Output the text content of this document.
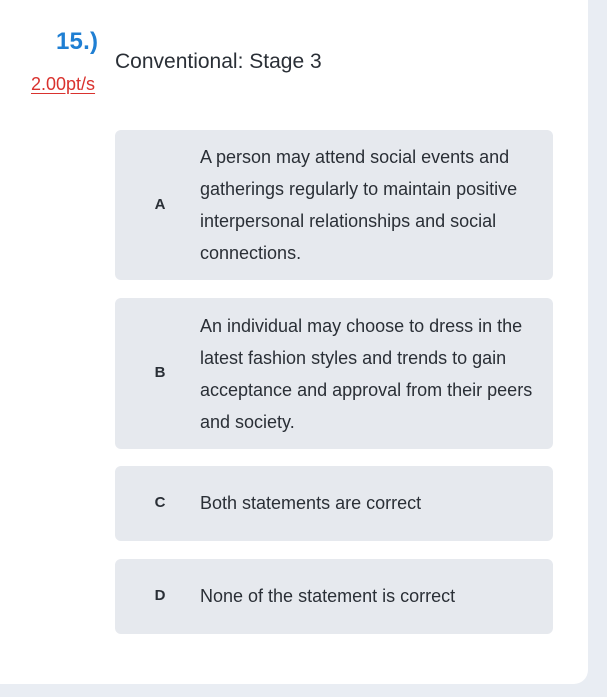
15.)
2.00pt/s
Conventional: Stage 3
A
A person may attend social events and gatherings regularly to maintain positive interpersonal relationships and social connections.
B
An individual may choose to dress in the latest fashion styles and trends to gain acceptance and approval from their peers and society.
C Both statements are correct
D None of the statement is correct
